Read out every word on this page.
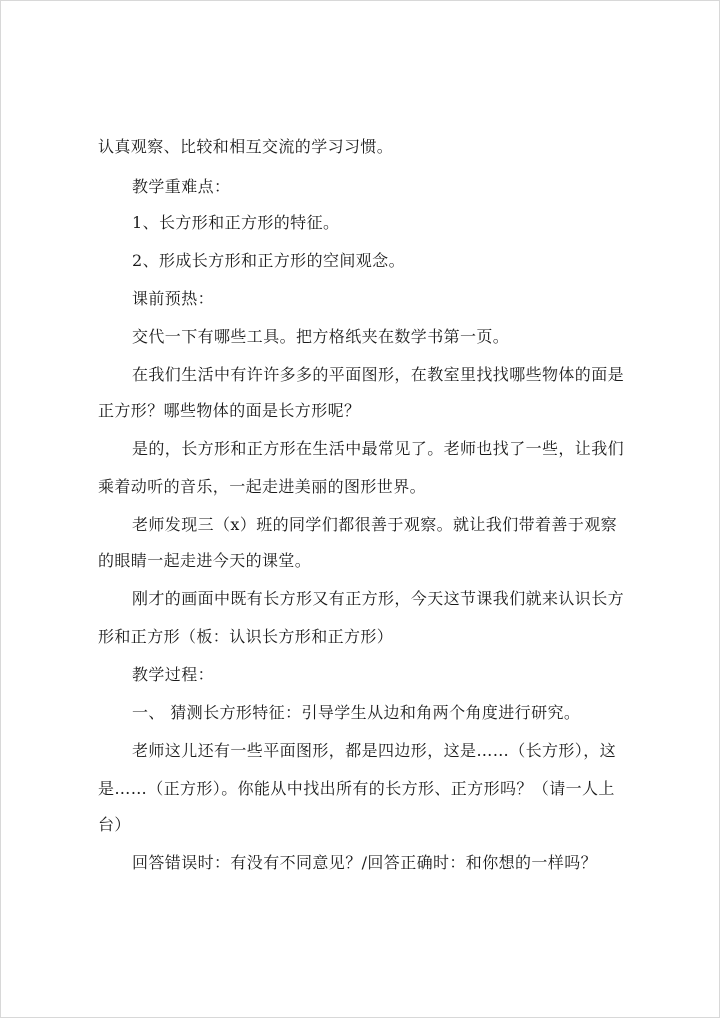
认真观察、比较和相互交流的学习习惯。
教学重难点：
1、长方形和正方形的特征。
2、形成长方形和正方形的空间观念。
课前预热：
交代一下有哪些工具。把方格纸夹在数学书第一页。
在我们生活中有许许多多的平面图形，在教室里找找哪些物体的面是
正方形？哪些物体的面是长方形呢？
是的，长方形和正方形在生活中最常见了。老师也找了一些，让我们
乘着动听的音乐，一起走进美丽的图形世界。
老师发现三（x）班的同学们都很善于观察。就让我们带着善于观察
的眼睛一起走进今天的课堂。
刚才的画面中既有长方形又有正方形，今天这节课我们就来认识长方
形和正方形（板：认识长方形和正方形）
教学过程：
一、 猜测长方形特征：引导学生从边和角两个角度进行研究。
老师这儿还有一些平面图形，都是四边形，这是……（长方形），这
是……（正方形）。你能从中找出所有的长方形、正方形吗？（请一人上
台）
回答错误时：有没有不同意见？/回答正确时：和你想的一样吗？
